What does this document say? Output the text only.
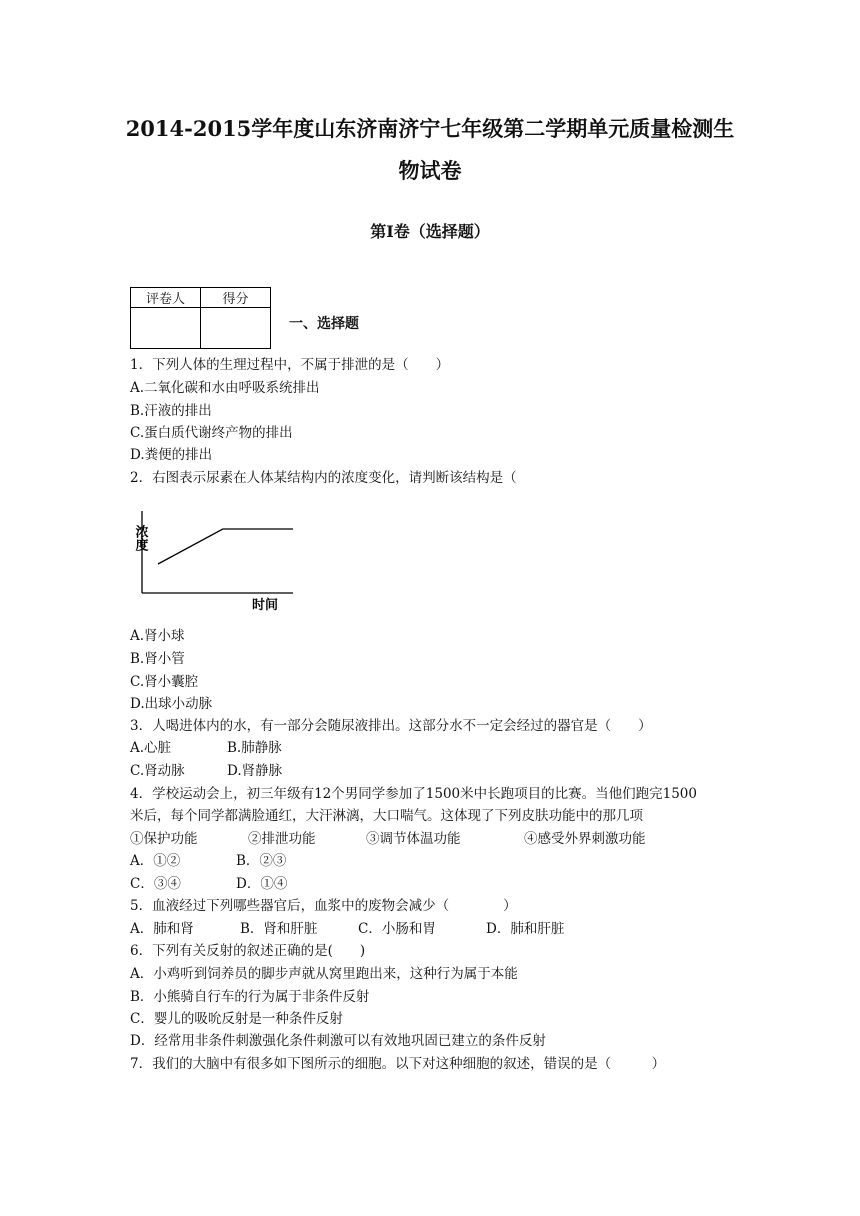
2014-2015学年度山东济南济宁七年级第二学期单元质量检测生
物试卷
第Ⅰ卷（选择题）
评卷人	得分

一、选择题
1．下列人体的生理过程中，不属于排泄的是（　　）
A.二氧化碳和水由呼吸系统排出
B.汗液的排出
C.蛋白质代谢终产物的排出
D.粪便的排出
2．右图表示尿素在人体某结构内的浓度变化，请判断该结构是（
浓度
时间
A.肾小球
B.肾小管
C.肾小囊腔
D.出球小动脉
3．人喝进体内的水，有一部分会随尿液排出。这部分水不一定会经过的器官是（　　）
A.心脏	B.肺静脉
C.肾动脉	D.肾静脉
4．学校运动会上，初三年级有12个男同学参加了1500米中长跑项目的比赛。当他们跑完1500
米后，每个同学都满脸通红，大汗淋漓，大口喘气。这体现了下列皮肤功能中的那几项
①保护功能	②排泄功能	③调节体温功能	④感受外界刺激功能
A．①②	B．②③
C．③④	D．①④
5．血液经过下列哪些器官后，血浆中的废物会减少（　　　　）
A．肺和肾	B．肾和肝脏	C．小肠和胃	D．肺和肝脏
6．下列有关反射的叙述正确的是(　　)
A．小鸡听到饲养员的脚步声就从窝里跑出来，这种行为属于本能
B．小熊骑自行车的行为属于非条件反射
C．婴儿的吸吮反射是一种条件反射
D．经常用非条件刺激强化条件刺激可以有效地巩固已建立的条件反射
7．我们的大脑中有很多如下图所示的细胞。以下对这种细胞的叙述，错误的是（　　　）
